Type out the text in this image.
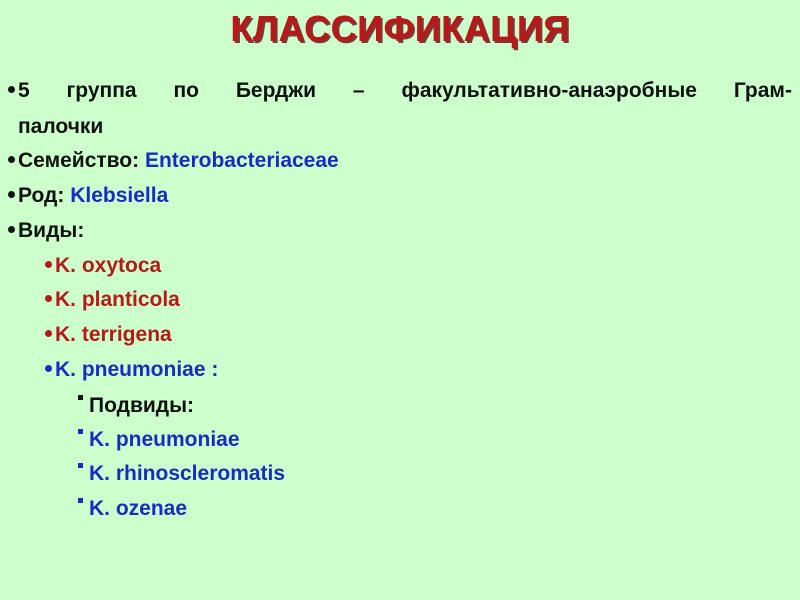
КЛАССИФИКАЦИЯ
5 группа по Берджи – факультативно-анаэробные Грам-
палочки
Семейство: Enterobacteriaceae
Род: Klebsiella
Виды:
K. oxytoca
K. planticola
K. terrigena
K. pneumoniae :
Подвиды:
K. pneumoniae
K. rhinoscleromatis
K. ozenae
